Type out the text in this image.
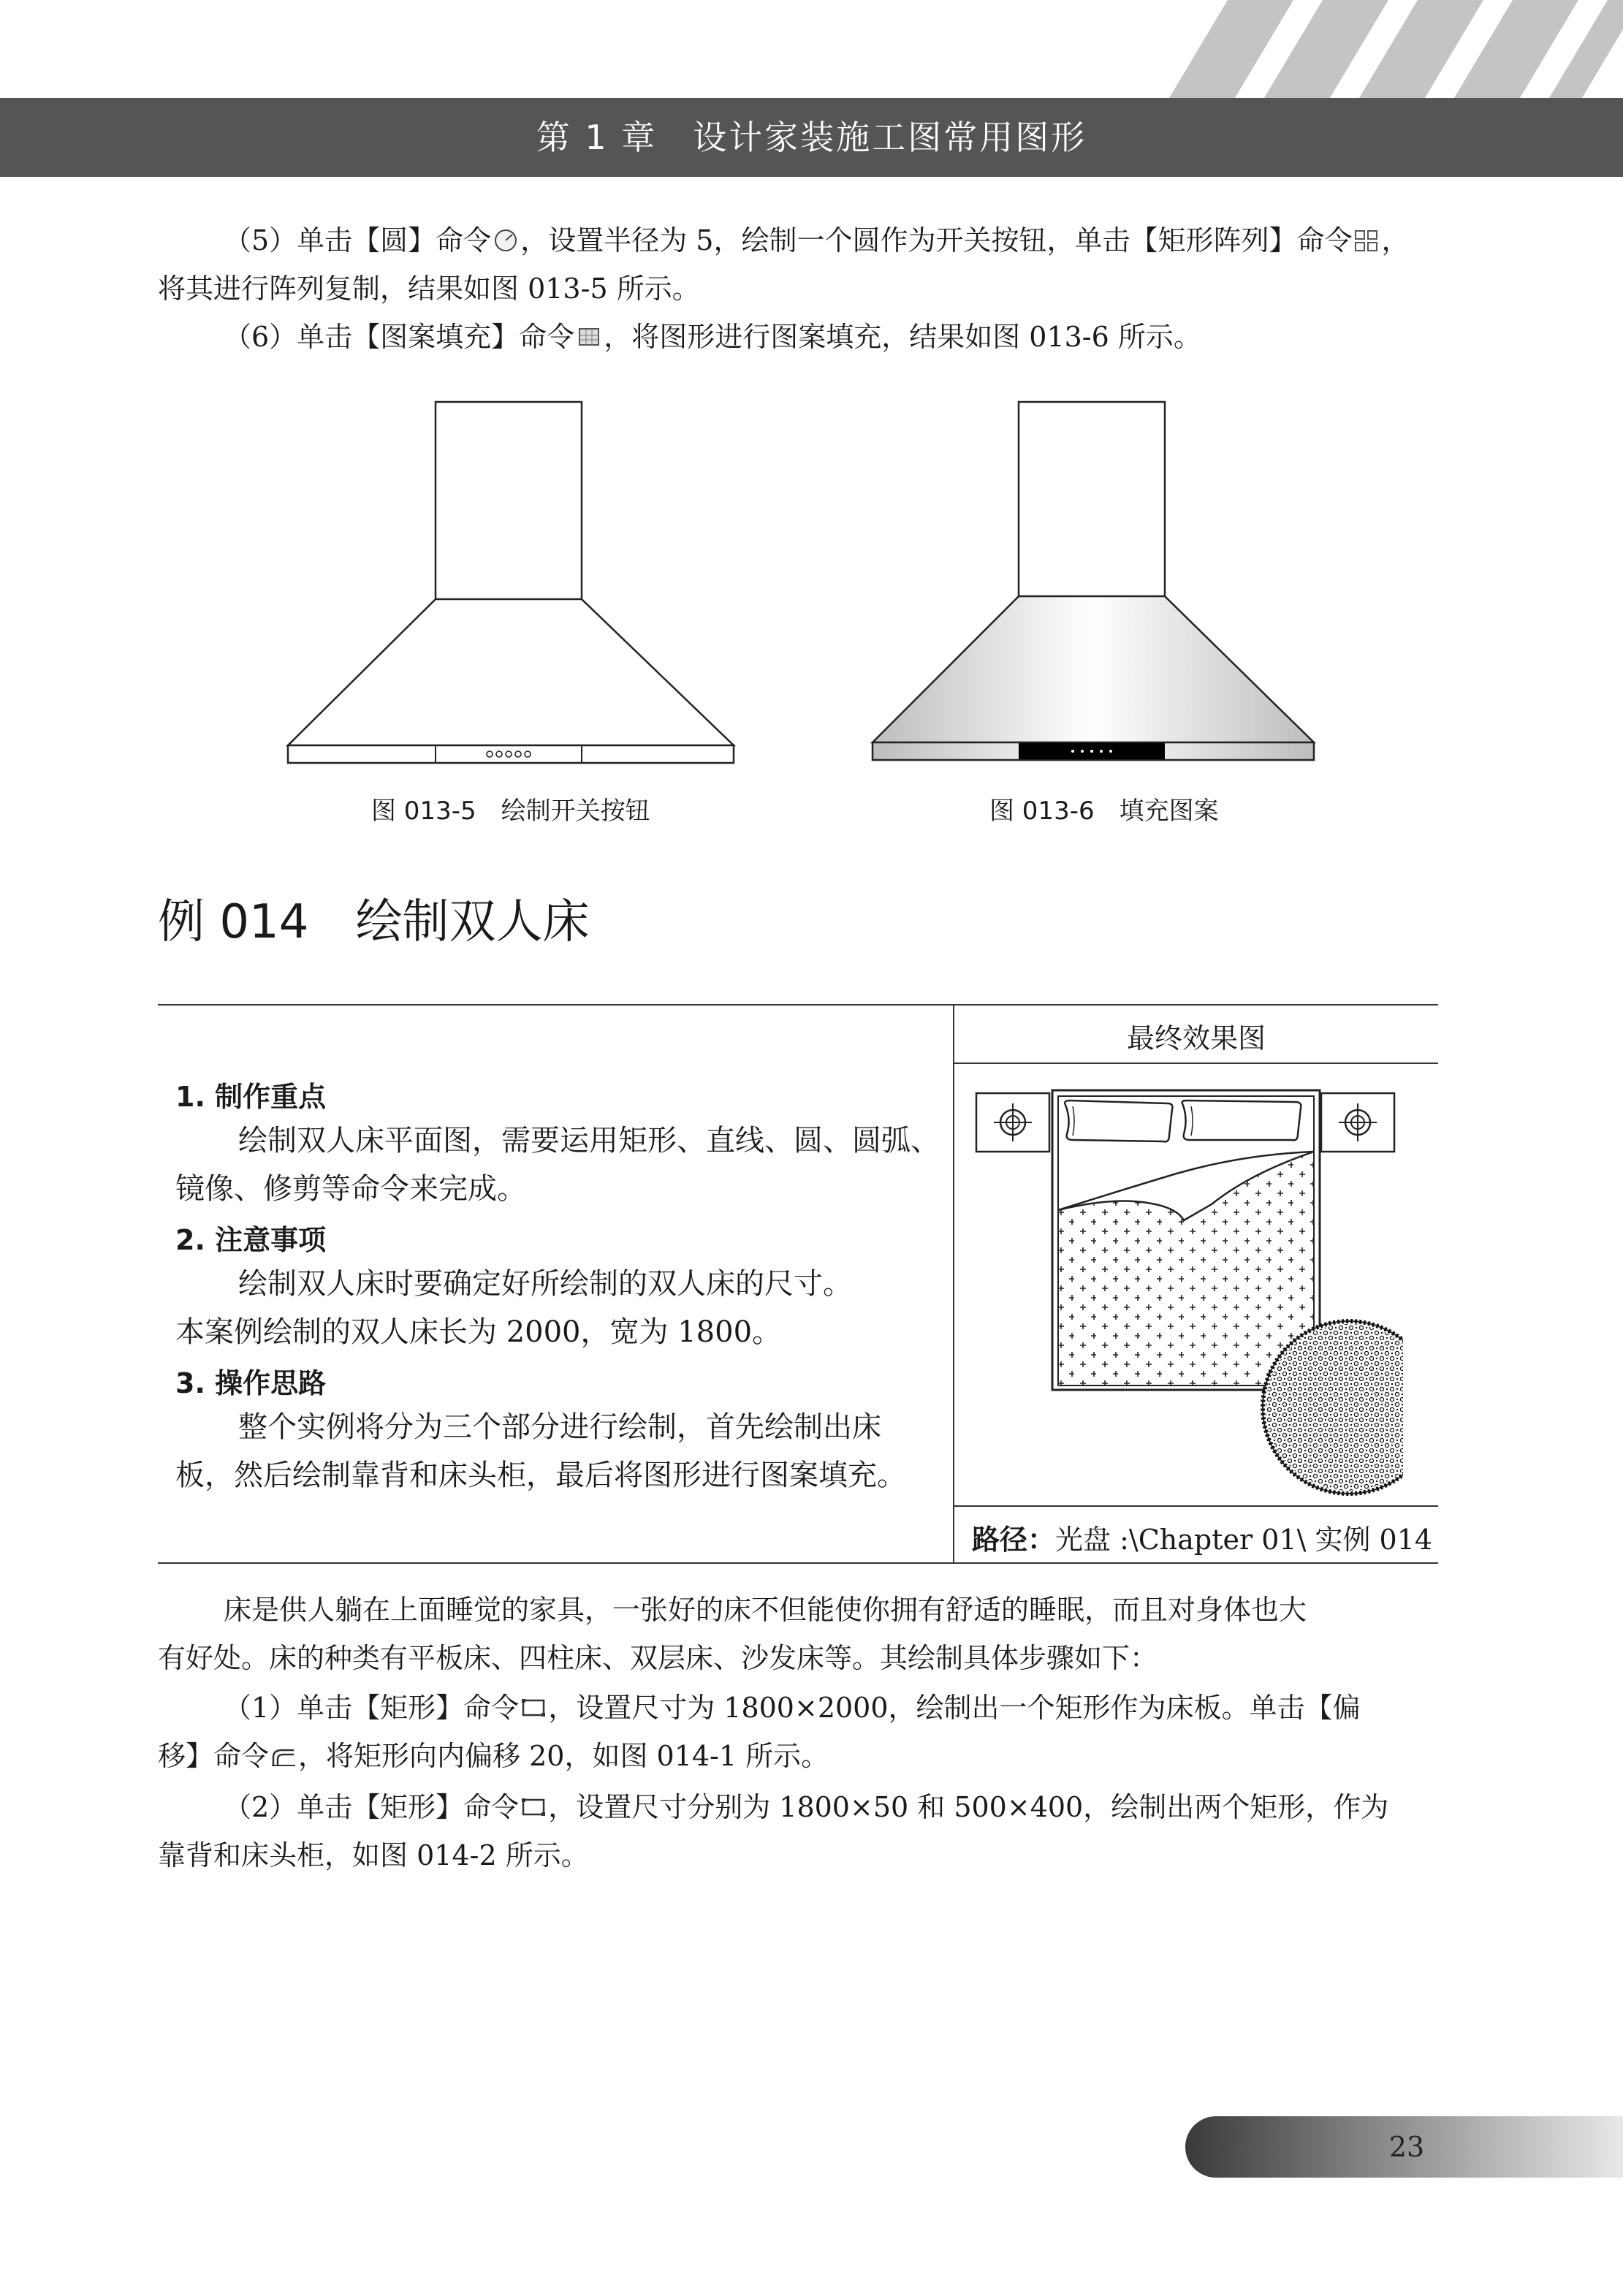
第 1 章　设计家装施工图常用图形
（5）单击【圆】命令 ，设置半径为 5，绘制一个圆作为开关按钮，单击【矩形阵列】命令 ，
将其进行阵列复制，结果如图 013-5 所示。
（6）单击【图案填充】命令 ，将图形进行图案填充，结果如图 013-6 所示。
图 013-5　绘制开关按钮	图 013-6　填充图案
例 014　绘制双人床
最终效果图
路径：光盘 :\Chapter 01\ 实例 014
1. 制作重点
绘制双人床平面图，需要运用矩形、直线、圆、圆弧、
镜像、修剪等命令来完成。
2. 注意事项
绘制双人床时要确定好所绘制的双人床的尺寸。
本案例绘制的双人床长为 2000，宽为 1800。
3. 操作思路
整个实例将分为三个部分进行绘制，首先绘制出床
板，然后绘制靠背和床头柜，最后将图形进行图案填充。
床是供人躺在上面睡觉的家具，一张好的床不但能使你拥有舒适的睡眠，而且对身体也大
有好处。床的种类有平板床、四柱床、双层床、沙发床等。其绘制具体步骤如下：
（1）单击【矩形】命令 ，设置尺寸为 1800×2000，绘制出一个矩形作为床板。单击【偏
移】命令 ，将矩形向内偏移 20，如图 014-1 所示。
（2）单击【矩形】命令 ，设置尺寸分别为 1800×50 和 500×400，绘制出两个矩形，作为
靠背和床头柜，如图 014-2 所示。
23
